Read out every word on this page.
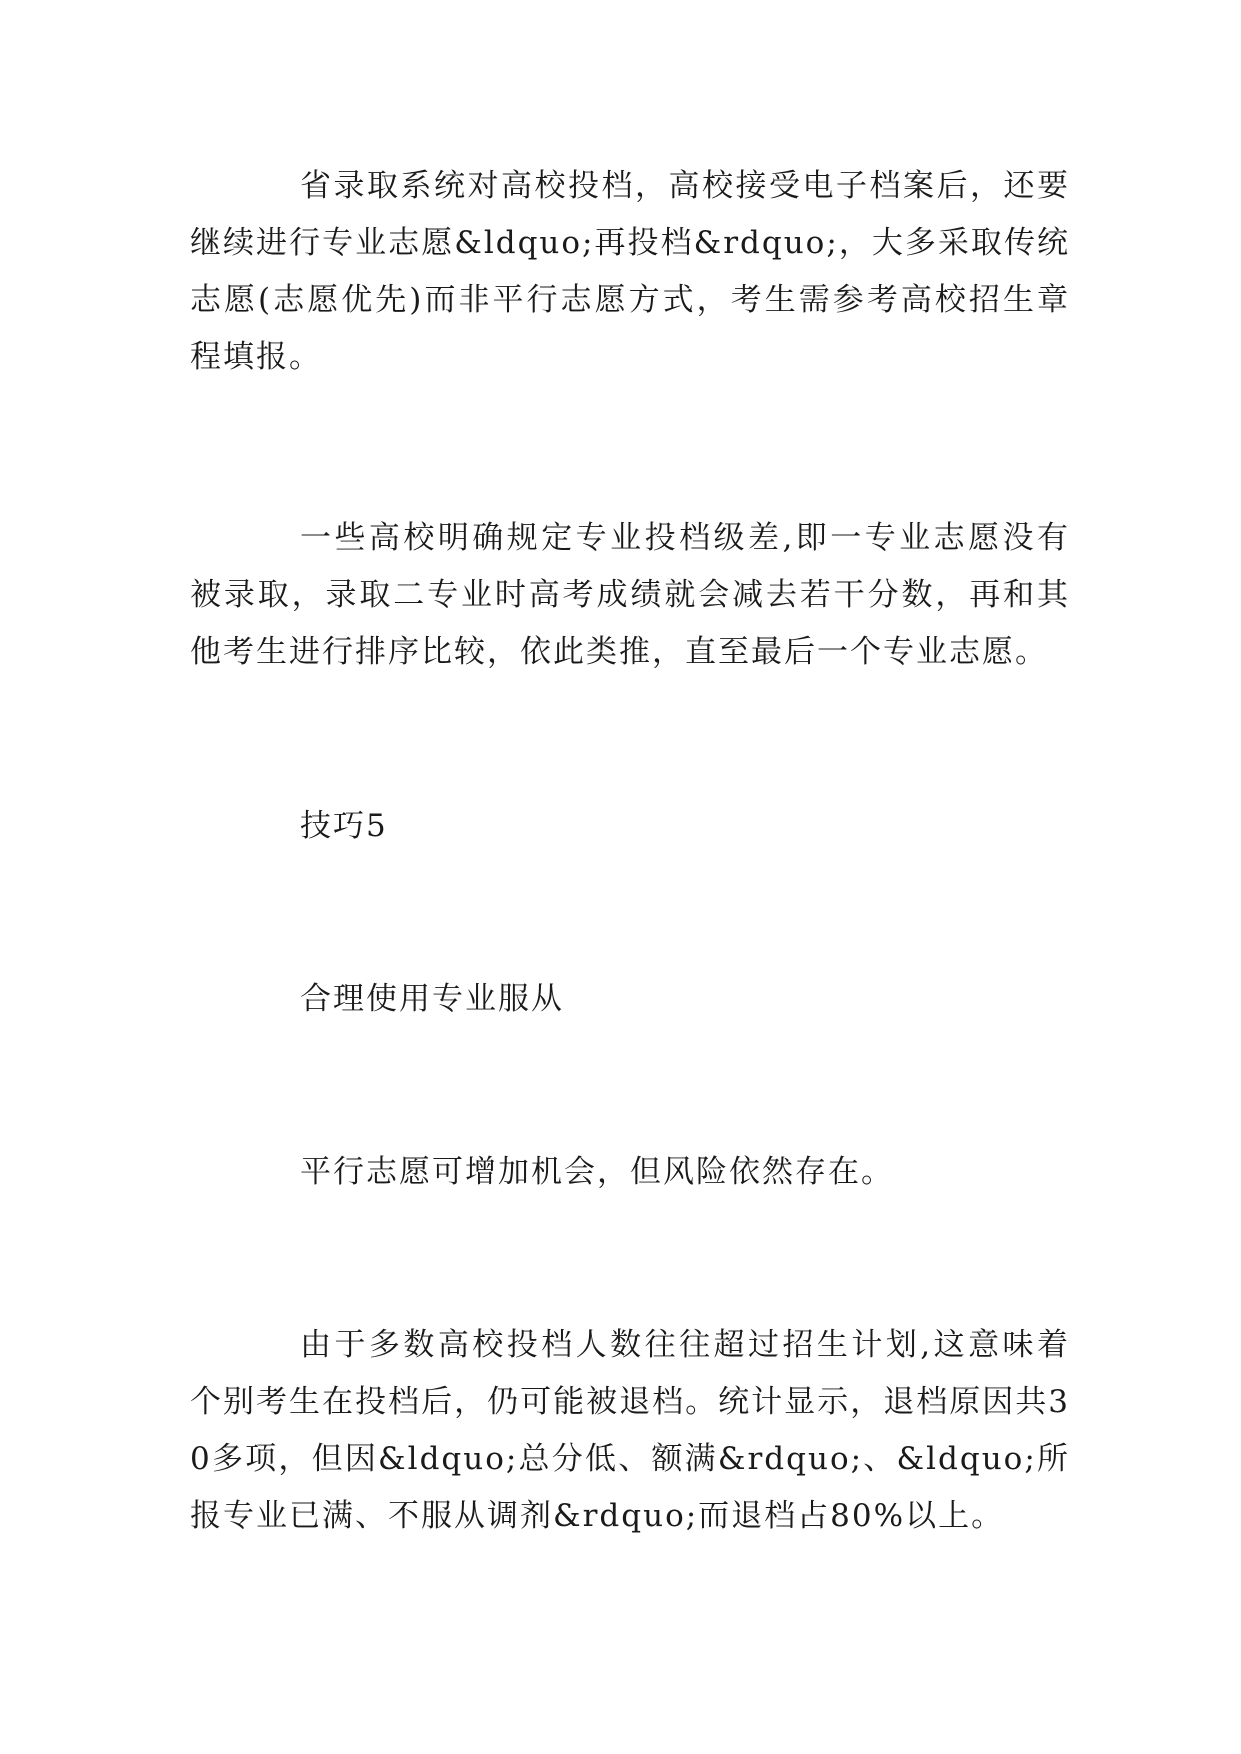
省录取系统对高校投档，高校接受电子档案后，还要继续进行专业志愿&ldquo;再投档&rdquo;，大多采取传统志愿(志愿优先)而非平行志愿方式，考生需参考高校招生章程填报。

一些高校明确规定专业投档级差,即一专业志愿没有被录取，录取二专业时高考成绩就会减去若干分数，再和其他考生进行排序比较，依此类推，直至最后一个专业志愿。

技巧5

合理使用专业服从

平行志愿可增加机会，但风险依然存在。

由于多数高校投档人数往往超过招生计划,这意味着个别考生在投档后，仍可能被退档。统计显示，退档原因共30多项，但因&ldquo;总分低、额满&rdquo;、&ldquo;所报专业已满、不服从调剂&rdquo;而退档占80%以上。
